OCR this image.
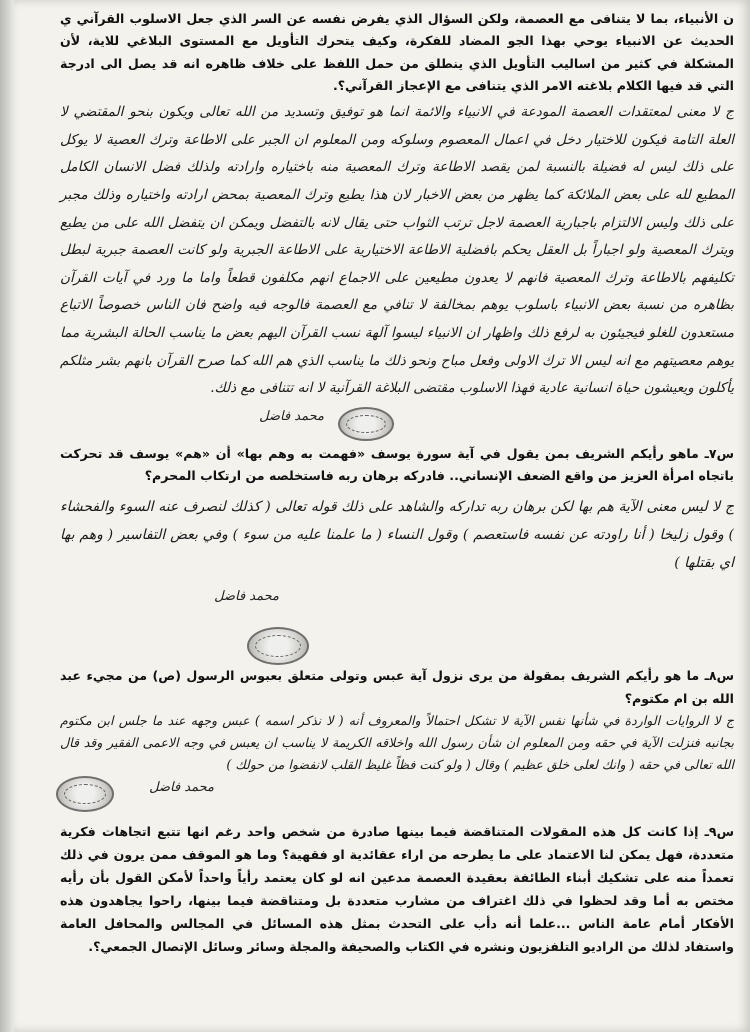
ن الأنبياء، بما لا يتنافى مع العصمة، ولكن السؤال الذي يفرض نفسه عن السر الذي جعل الاسلوب القرآني ي الحديث عن الانبياء يوحي بهذا الجو المضاد للفكرة، وكيف يتحرك التأويل مع المستوى البلاغي للاية، لأن المشكلة في كثير من اساليب التأويل الذي ينطلق من حمل اللفظ على خلاف ظاهره انه قد يصل الى ادرجة التي قد فيها الكلام بلاغته الامر الذي يتنافى مع الإعجاز القرآني؟.

ج لا معنى لمعتقدات العصمة المودعة في الانبياء والائمة انما هو توفيق وتسديد من الله تعالى ويكون بنحو المقتضي لا العلة التامة فيكون للاختيار دخل في اعمال المعصوم وسلوكه ومن المعلوم ان الجبر على الاطاعة وترك العصية لا يوكل على ذلك ليس له فضيلة بالنسبة لمن يقصد الاطاعة وترك المعصية منه باختياره وارادته ولذلك فضل الانسان الكامل المطيع لله على بعض الملائكة كما يظهر من بعض الاخبار لان هذا يطيع وترك المعصية بمحض ارادته واختياره وذلك مجبر على ذلك وليس الالتزام باجبارية العصمة لاجل ترتب الثواب حتى يقال لانه بالتفضل ويمكن ان يتفضل الله على من يطيع ويترك المعصية ولو اجباراً بل العقل يحكم بافضلية الاطاعة الاختيارية على الاطاعة الجبرية ولو كانت العصمة جبرية لبطل تكليفهم بالاطاعة وترك المعصية فانهم لا يعدون مطيعين على الاجماع انهم مكلفون قطعاً واما ما ورد في آيات القرآن بظاهره من نسبة بعض الانبياء باسلوب يوهم بمخالفة لا تنافي مع العصمة فالوجه فيه واضح فان الناس خصوصاً الاتباع مستعدون للغلو فيجيئون به لرفع ذلك واظهار ان الانبياء ليسوا آلهة نسب القرآن اليهم بعض ما يناسب الحالة البشرية مما يوهم معصيتهم مع انه ليس الا ترك الاولى وفعل مباح ونحو ذلك ما يناسب الذي هم الله كما صرح القرآن بانهم بشر مثلكم يأكلون ويعيشون حياة انسانية عادية فهذا الاسلوب مقتضى البلاغة القرآنية لا انه تتنافى مع ذلك.

محمد فاضل

س٧ـ ماهو رأيكم الشريف بمن يقول في آية سورة يوسف «فهمت به وهم بها» أن «هم» يوسف قد تحركت باتجاه امرأة العزيز من واقع الضعف الإنساني.. فادركه برهان ربه فاستخلصه من ارتكاب المحرم؟

ج لا ليس معنى الآية هم بها لكن برهان ربه تداركه والشاهد على ذلك قوله تعالى ( كذلك لنصرف عنه السوء والفحشاء ) وقول زليخا ( أنا راودته عن نفسه فاستعصم ) وقول النساء ( ما علمنا عليه من سوء ) وفي بعض التفاسير ( وهم بها اي بقتلها )

محمد فاضل

س٨ـ ما هو رأيكم الشريف بمقولة من يرى نزول آية عبس وتولى متعلق بعبوس الرسول (ص) من مجيء عبد الله بن ام مكتوم؟

ج لا الروايات الواردة في شأنها نفس الآية لا تشكل احتمالاً والمعروف أنه ( لا نذكر اسمه ) عبس وجهه عند ما جلس ابن مكتوم بجانبه فنزلت الآية في حقه ومن المعلوم ان شأن رسول الله واخلاقه الكريمة لا يناسب ان يعبس في وجه الاعمى الفقير وقد قال الله تعالى في حقه ( وانك لعلى خلق عظيم ) وقال ( ولو كنت فظاً غليظ القلب لانفضوا من حولك )

محمد فاضل

س٩ـ إذا كانت كل هذه المقولات المتناقضة فيما بينها صادرة من شخص واحد رغم انها تتبع اتجاهات فكرية متعددة، فهل يمكن لنا الاعتماد على ما يطرحه من اراء عقائدية او فقهية؟ وما هو الموقف ممن يرون في ذلك تعمداً منه على تشكيك أبناء الطائفة بعقيدة العصمة مدعين انه لو كان يعتمد رأياً واحداً لأمكن القول بأن رأيه مختص به أما وقد لحظوا في ذلك اغتراف من مشارب متعددة بل ومتناقضة فيما بينها، راحوا يجاهدون هذه الأفكار أمام عامة الناس ...علما أنه دأب على التحدث بمثل هذه المسائل في المجالس والمحافل العامة واستفاد لذلك من الراديو التلفزيون ونشره في الكتاب والصحيفة والمجلة وسائر وسائل الإتصال الجمعي؟.
